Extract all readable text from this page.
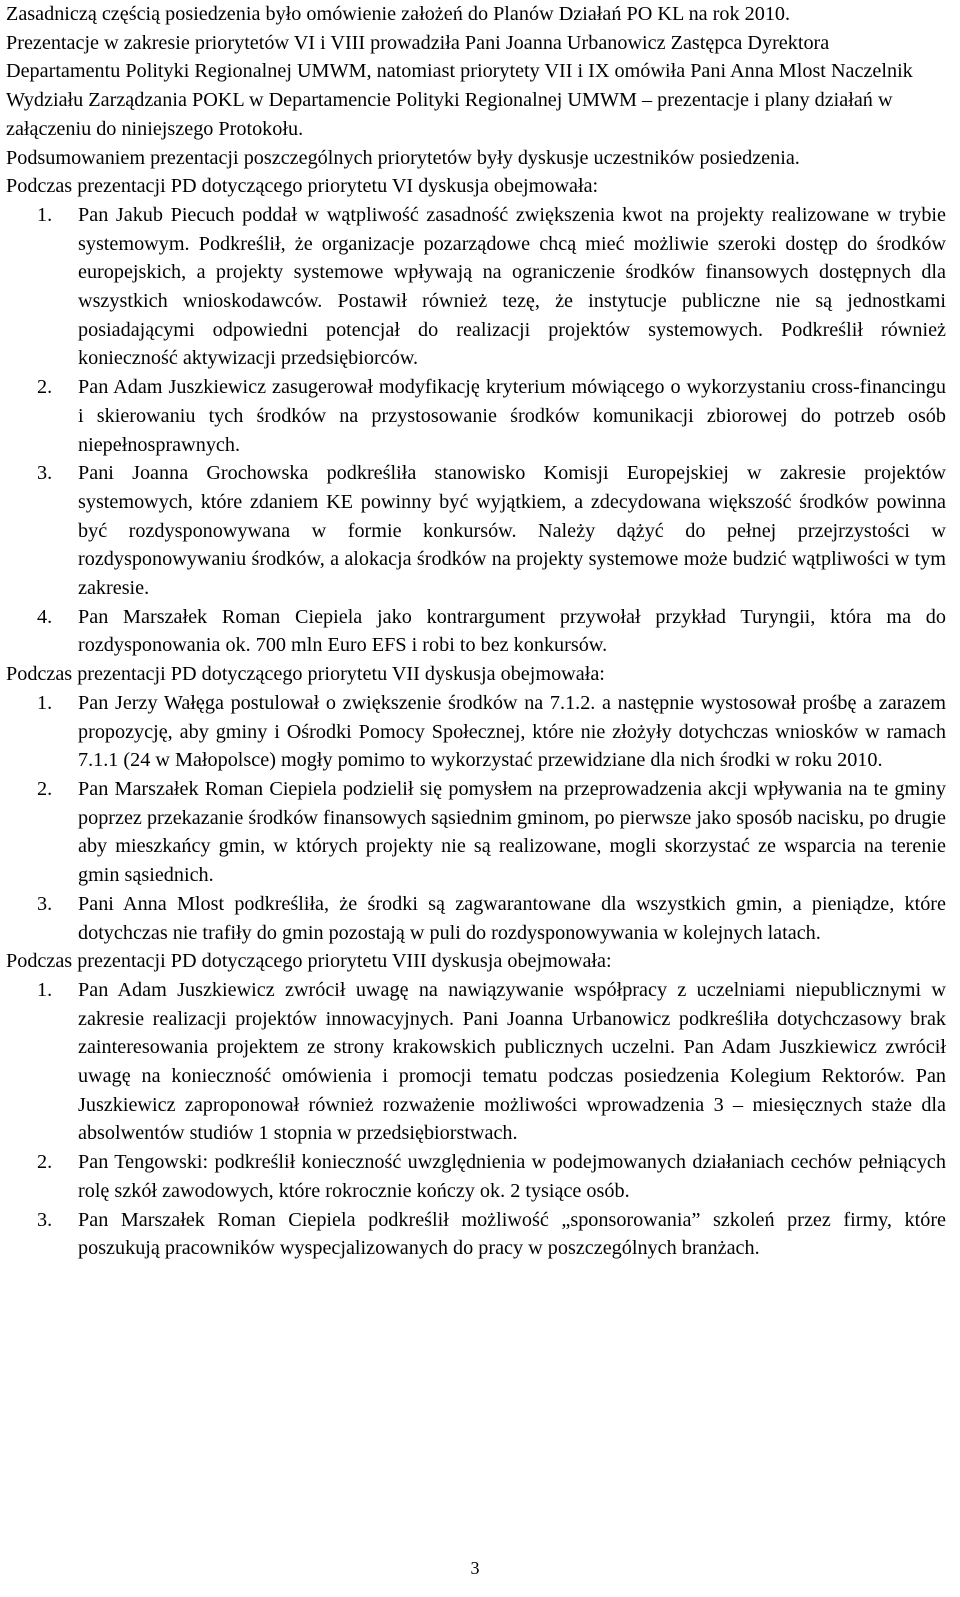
Zasadniczą częścią posiedzenia było omówienie założeń do Planów Działań PO KL na rok 2010.

Prezentacje w zakresie priorytetów VI i VIII prowadziła Pani Joanna Urbanowicz Zastępca Dyrektora Departamentu Polityki Regionalnej UMWM, natomiast priorytety VII i IX omówiła Pani Anna Mlost Naczelnik Wydziału Zarządzania POKL w Departamencie Polityki Regionalnej UMWM – prezentacje i plany działań w załączeniu do niniejszego Protokołu.

Podsumowaniem prezentacji poszczególnych priorytetów były dyskusje uczestników posiedzenia.

Podczas prezentacji PD dotyczącego priorytetu VI dyskusja obejmowała:

1. Pan Jakub Piecuch poddał w wątpliwość zasadność zwiększenia kwot na projekty realizowane w trybie systemowym. Podkreślił, że organizacje pozarządowe chcą mieć możliwie szeroki dostęp do środków europejskich, a projekty systemowe wpływają na ograniczenie środków finansowych dostępnych dla wszystkich wnioskodawców. Postawił również tezę, że instytucje publiczne nie są jednostkami posiadającymi odpowiedni potencjał do realizacji projektów systemowych. Podkreślił również konieczność aktywizacji przedsiębiorców.
2. Pan Adam Juszkiewicz zasugerował modyfikację kryterium mówiącego o wykorzystaniu cross-financingu i skierowaniu tych środków na przystosowanie środków komunikacji zbiorowej do potrzeb osób niepełnosprawnych.
3. Pani Joanna Grochowska podkreśliła stanowisko Komisji Europejskiej w zakresie projektów systemowych, które zdaniem KE powinny być wyjątkiem, a zdecydowana większość środków powinna być rozdysponowywana w formie konkursów. Należy dążyć do pełnej przejrzystości w rozdysponowywaniu środków, a alokacja środków na projekty systemowe może budzić wątpliwości w tym zakresie.
4. Pan Marszałek Roman Ciepiela jako kontrargument przywołał przykład Turyngii, która ma do rozdysponowania ok. 700 mln Euro EFS i robi to bez konkursów.

Podczas prezentacji PD dotyczącego priorytetu VII dyskusja obejmowała:

1. Pan Jerzy Wałęga postulował o zwiększenie środków na 7.1.2. a następnie wystosował prośbę a zarazem propozycję, aby gminy i Ośrodki Pomocy Społecznej, które nie złożyły dotychczas wniosków w ramach 7.1.1 (24 w Małopolsce) mogły pomimo to wykorzystać przewidziane dla nich środki w roku 2010.
2. Pan Marszałek Roman Ciepiela podzielił się pomysłem na przeprowadzenia akcji wpływania na te gminy poprzez przekazanie środków finansowych sąsiednim gminom, po pierwsze jako sposób nacisku, po drugie aby mieszkańcy gmin, w których projekty nie są realizowane, mogli skorzystać ze wsparcia na terenie gmin sąsiednich.
3. Pani Anna Mlost podkreśliła, że środki są zagwarantowane dla wszystkich gmin, a pieniądze, które dotychczas nie trafiły do gmin pozostają w puli do rozdysponowywania w kolejnych latach.

Podczas prezentacji PD dotyczącego priorytetu VIII dyskusja obejmowała:

1. Pan Adam Juszkiewicz zwrócił uwagę na nawiązywanie współpracy z uczelniami niepublicznymi w zakresie realizacji projektów innowacyjnych. Pani Joanna Urbanowicz podkreśliła dotychczasowy brak zainteresowania projektem ze strony krakowskich publicznych uczelni. Pan Adam Juszkiewicz zwrócił uwagę na konieczność omówienia i promocji tematu podczas posiedzenia Kolegium Rektorów. Pan Juszkiewicz zaproponował również rozważenie możliwości wprowadzenia 3 – miesięcznych staże dla absolwentów studiów 1 stopnia w przedsiębiorstwach.
2. Pan Tengowski: podkreślił konieczność uwzględnienia w podejmowanych działaniach cechów pełniących rolę szkół zawodowych, które rokrocznie kończy ok. 2 tysiące osób.
3. Pan Marszałek Roman Ciepiela podkreślił możliwość „sponsorowania” szkoleń przez firmy, które poszukują pracowników wyspecjalizowanych do pracy w poszczególnych branżach.
3
